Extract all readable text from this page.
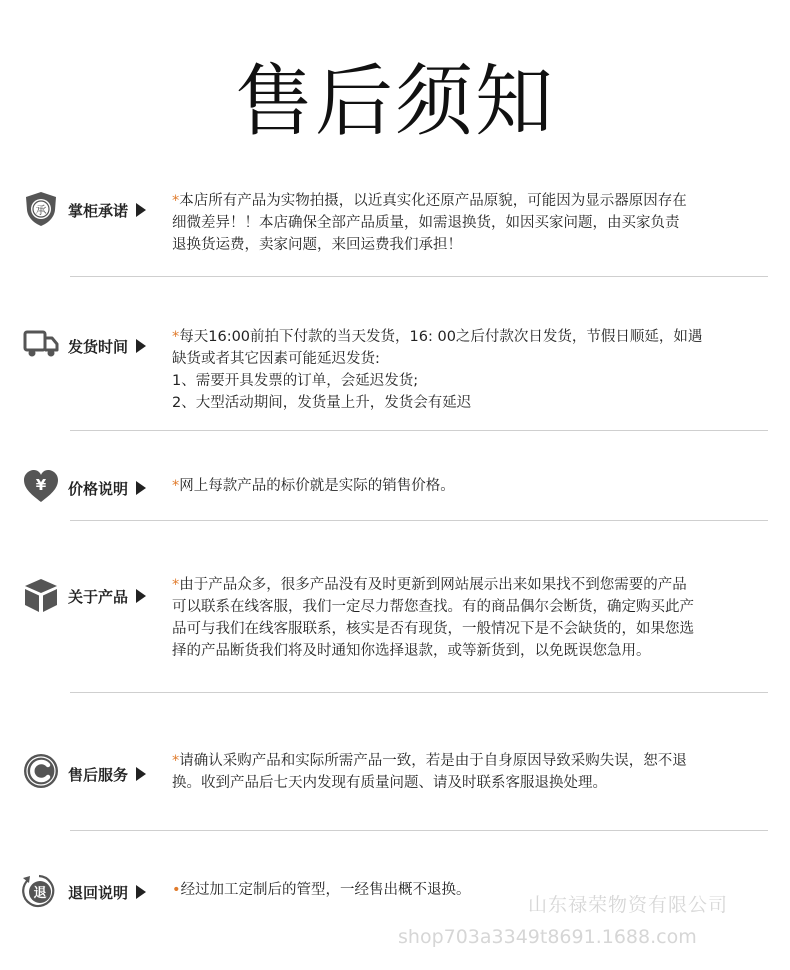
售后须知
承 掌柜承诺
*本店所有产品为实物拍摄，以近真实化还原产品原貌，可能因为显示器原因存在
细微差异！！本店确保全部产品质量，如需退换货，如因买家问题，由买家负责
退换货运费，卖家问题，来回运费我们承担！
发货时间
*每天16:00前拍下付款的当天发货，16: 00之后付款次日发货，节假日顺延，如遇
缺货或者其它因素可能延迟发货:
1、需要开具发票的订单，会延迟发货;
2、大型活动期间，发货量上升，发货会有延迟
¥ 价格说明	*网上每款产品的标价就是实际的销售价格。
关于产品
*由于产品众多，很多产品没有及时更新到网站展示出来如果找不到您需要的产品
可以联系在线客服，我们一定尽力帮您查找。有的商品偶尔会断货，确定购买此产
品可与我们在线客服联系，核实是否有现货，一般情况下是不会缺货的，如果您选
择的产品断货我们将及时通知你选择退款，或等新货到，以免既误您急用。
售后服务
*请确认采购产品和实际所需产品一致，若是由于自身原因导致采购失误，恕不退
换。收到产品后七天内发现有质量问题、请及时联系客服退换处理。
退 退回说明	•经过加工定制后的管型，一经售出概不退换。
山东禄荣物资有限公司
shop703a3349t8691.1688.com
